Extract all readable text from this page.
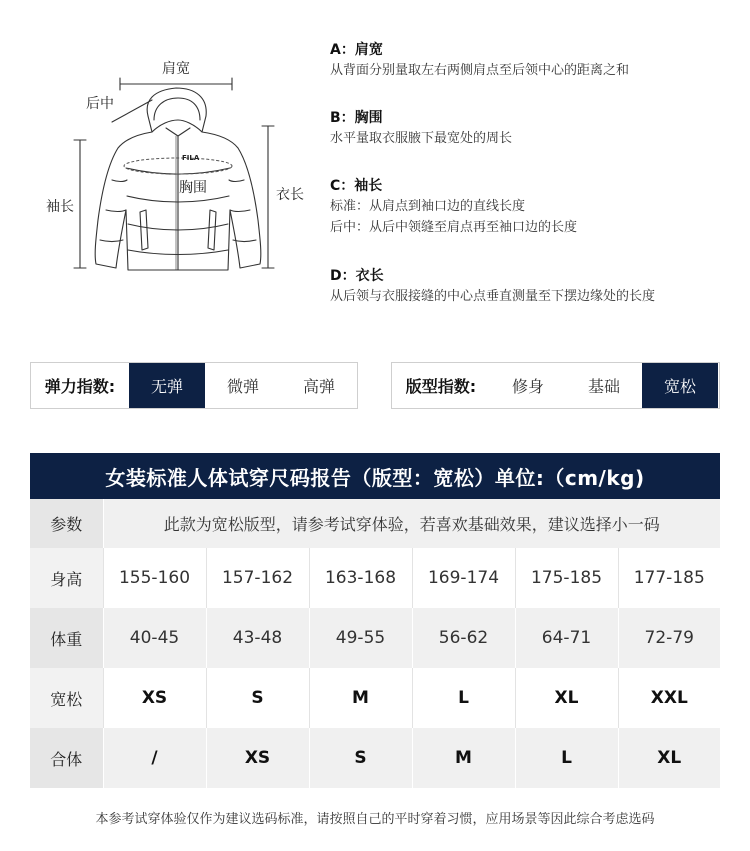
FILA
肩宽
后中
袖长
胸围	衣长
A：肩宽
从背面分别量取左右两侧肩点至后领中心的距离之和
B：胸围
水平量取衣服腋下最宽处的周长
C：袖长
标准：从肩点到袖口边的直线长度
后中：从后中领缝至肩点再至袖口边的长度
D：衣长
从后领与衣服接缝的中心点垂直测量至下摆边缘处的长度
弹力指数:	无弹	微弹	高弹	版型指数:	修身	基础	宽松
女装标准人体试穿尺码报告（版型：宽松）单位:（cm/kg)
参数	此款为宽松版型，请参考试穿体验，若喜欢基础效果，建议选择小一码					
身高	155-160	157-162	163-168	169-174	175-185	177-185
体重	40-45	43-48	49-55	56-62	64-71	72-79
宽松	XS	S	M	L	XL	XXL
合体	/	XS	S	M	L	XL
本参考试穿体验仅作为建议选码标准，请按照自己的平时穿着习惯，应用场景等因此综合考虑选码
